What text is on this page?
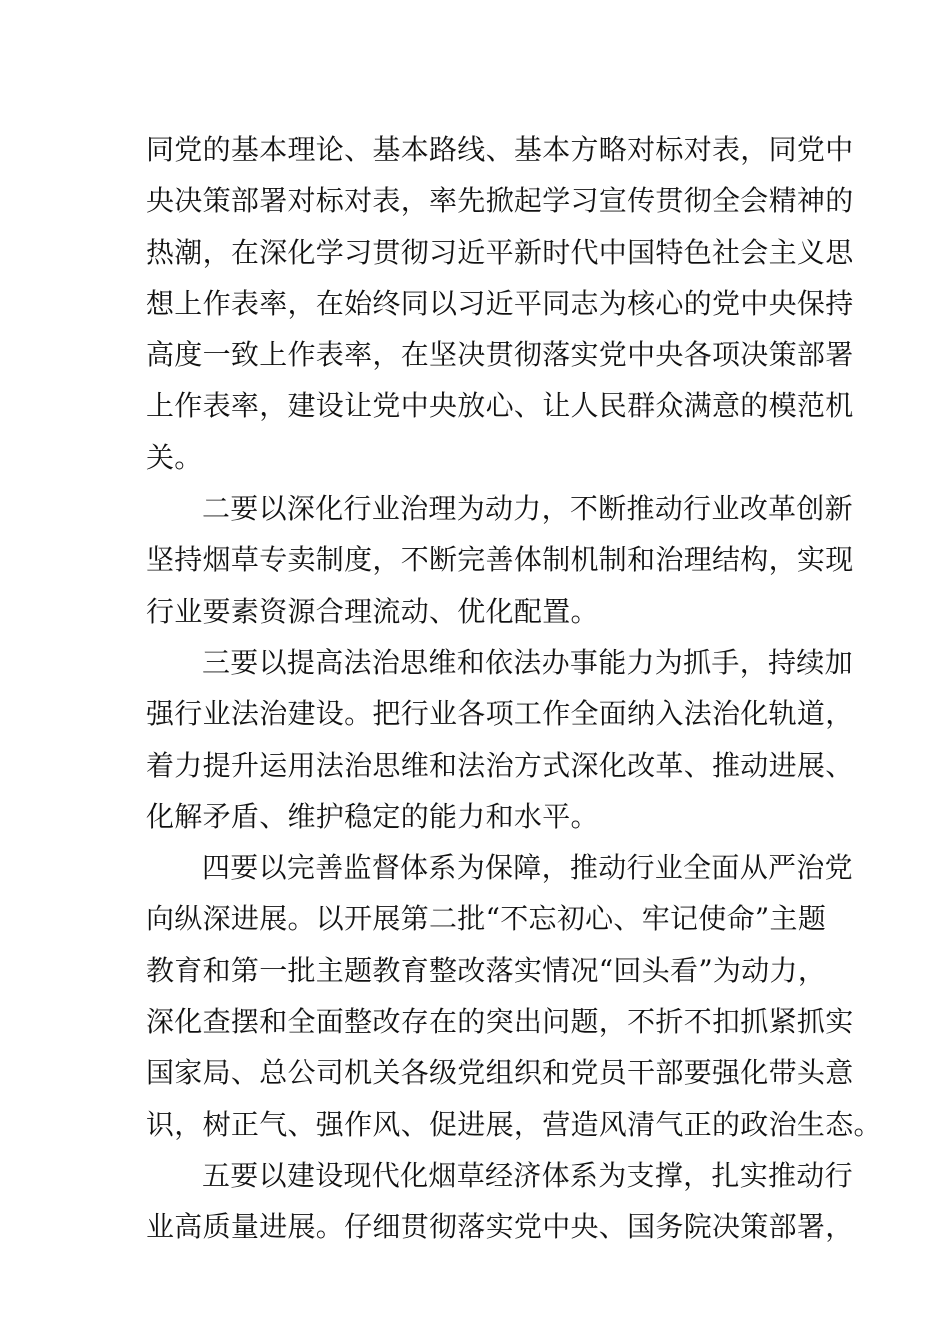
同党的基本理论、基本路线、基本方略对标对表，同党中
央决策部署对标对表，率先掀起学习宣传贯彻全会精神的
热潮，在深化学习贯彻习近平新时代中国特色社会主义思
想上作表率，在始终同以习近平同志为核心的党中央保持
高度一致上作表率，在坚决贯彻落实党中央各项决策部署
上作表率，建设让党中央放心、让人民群众满意的模范机
关。
二要以深化行业治理为动力，不断推动行业改革创新
坚持烟草专卖制度，不断完善体制机制和治理结构，实现
行业要素资源合理流动、优化配置。
三要以提高法治思维和依法办事能力为抓手，持续加
强行业法治建设。把行业各项工作全面纳入法治化轨道，
着力提升运用法治思维和法治方式深化改革、推动进展、
化解矛盾、维护稳定的能力和水平。
四要以完善监督体系为保障，推动行业全面从严治党
向纵深进展。以开展第二批“不忘初心、牢记使命”主题
教育和第一批主题教育整改落实情况“回头看”为动力，
深化查摆和全面整改存在的突出问题，不折不扣抓紧抓实
国家局、总公司机关各级党组织和党员干部要强化带头意
识，树正气、强作风、促进展，营造风清气正的政治生态。
五要以建设现代化烟草经济体系为支撑，扎实推动行
业高质量进展。仔细贯彻落实党中央、国务院决策部署，
